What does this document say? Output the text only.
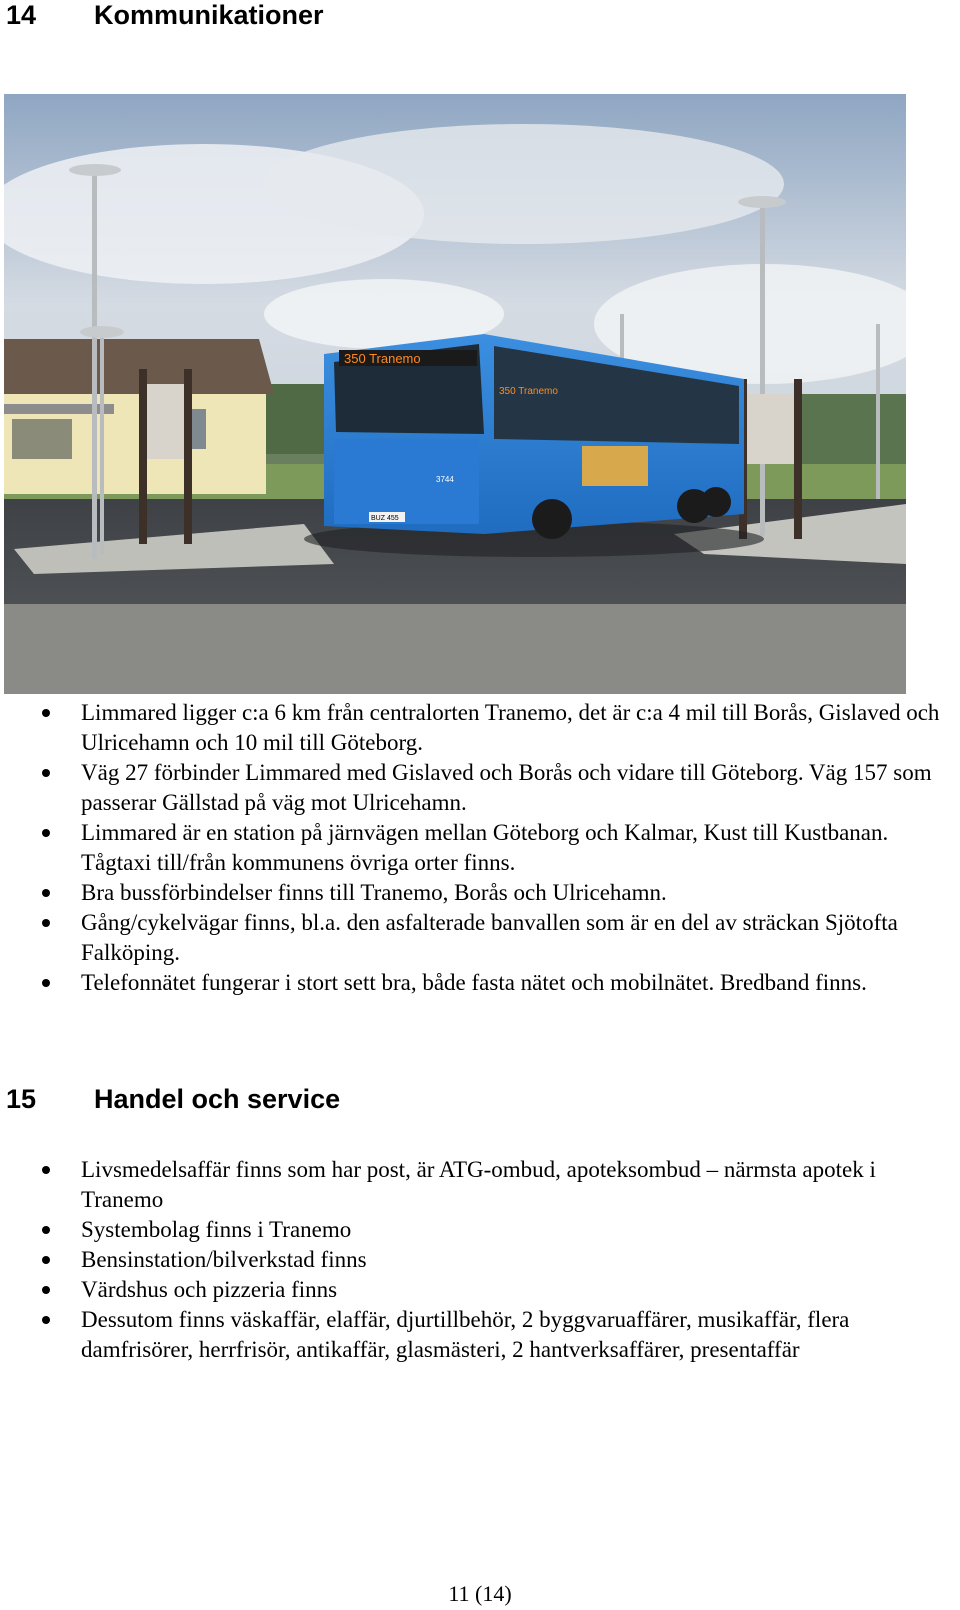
14 Kommunikationer
350 Tranemo
3744
BUZ 455
350 Tranemo
Limmared ligger c:a 6 km från centralorten Tranemo, det är c:a 4 mil till Borås, Gislaved och Ulricehamn och 10 mil till Göteborg.
Väg 27 förbinder Limmared med Gislaved och Borås och vidare till Göteborg. Väg 157 som passerar Gällstad på väg mot Ulricehamn.
Limmared är en station på järnvägen mellan Göteborg och Kalmar, Kust till Kustbanan. Tågtaxi till/från kommunens övriga orter finns.
Bra bussförbindelser finns till Tranemo, Borås och Ulricehamn.
Gång/cykelvägar finns, bl.a. den asfalterade banvallen som är en del av sträckan Sjötofta Falköping.
Telefonnätet fungerar i stort sett bra, både fasta nätet och mobilnätet. Bredband finns.
15 Handel och service
Livsmedelsaffär finns som har post, är ATG-ombud, apoteksombud – närmsta apotek i Tranemo
Systembolag finns i Tranemo
Bensinstation/bilverkstad finns
Värdshus och pizzeria finns
Dessutom finns väskaffär, elaffär, djurtillbehör, 2 byggvaruaffärer, musikaffär, flera damfrisörer, herrfrisör, antikaffär, glasmästeri, 2 hantverksaffärer, presentaffär
11 (14)
